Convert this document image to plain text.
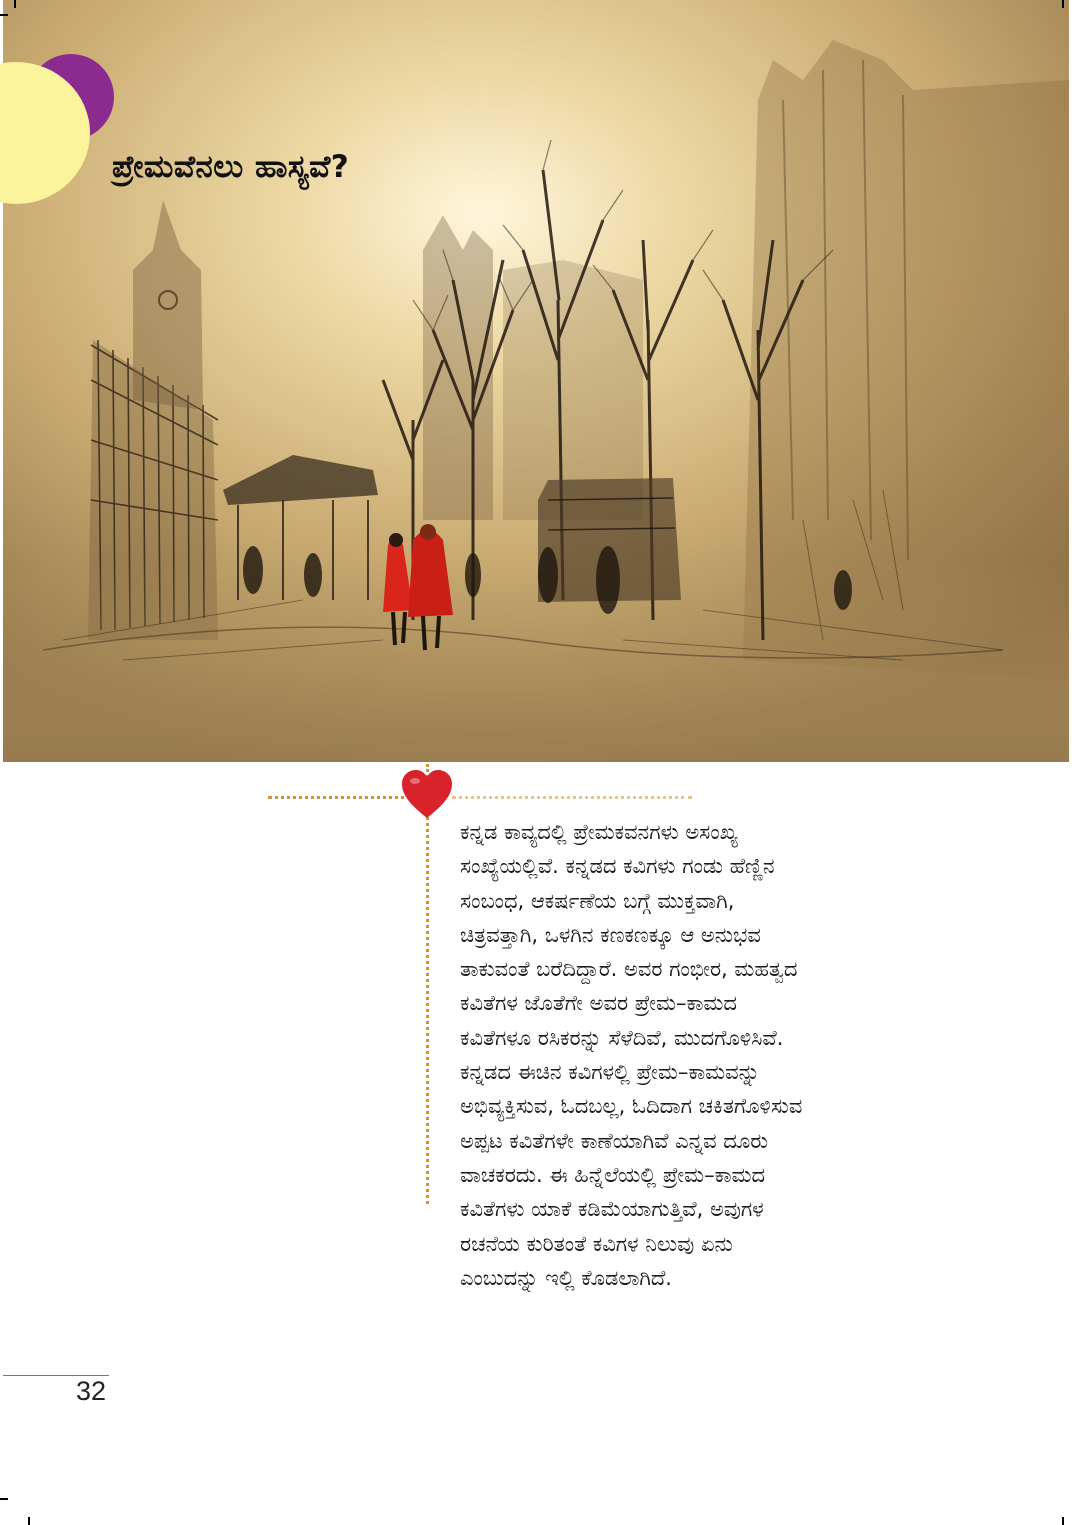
ಪ್ರೇಮವೆನಲು ಹಾಸ್ಯವೆ?
ಕನ್ನಡ ಕಾವ್ಯದಲ್ಲಿ ಪ್ರೇಮಕವನಗಳು ಅಸಂಖ್ಯ
ಸಂಖ್ಯೆಯಲ್ಲಿವೆ. ಕನ್ನಡದ ಕವಿಗಳು ಗಂಡು ಹೆಣ್ಣಿನ
ಸಂಬಂಧ, ಆಕರ್ಷಣೆಯ ಬಗ್ಗೆ ಮುಕ್ತವಾಗಿ,
ಚಿತ್ರವತ್ತಾಗಿ, ಒಳಗಿನ ಕಣಕಣಕ್ಕೂ ಆ ಅನುಭವ
ತಾಕುವಂತೆ ಬರೆದಿದ್ದಾರೆ. ಅವರ ಗಂಭೀರ, ಮಹತ್ವದ
ಕವಿತೆಗಳ ಜೊತೆಗೇ ಅವರ ಪ್ರೇಮ–ಕಾಮದ
ಕವಿತೆಗಳೂ ರಸಿಕರನ್ನು ಸೆಳೆದಿವೆ, ಮುದಗೊಳಿಸಿವೆ.
ಕನ್ನಡದ ಈಚಿನ ಕವಿಗಳಲ್ಲಿ ಪ್ರೇಮ–ಕಾಮವನ್ನು
ಅಭಿವ್ಯಕ್ತಿಸುವ, ಓದಬಲ್ಲ, ಓದಿದಾಗ ಚಕಿತಗೊಳಿಸುವ
ಅಪ್ಪಟ ಕವಿತೆಗಳೇ ಕಾಣೆಯಾಗಿವೆ ಎನ್ನವ ದೂರು
ವಾಚಕರದು. ಈ ಹಿನ್ನೆಲೆಯಲ್ಲಿ ಪ್ರೇಮ–ಕಾಮದ
ಕವಿತೆಗಳು ಯಾಕೆ ಕಡಿಮೆಯಾಗುತ್ತಿವೆ, ಅವುಗಳ
ರಚನೆಯ ಕುರಿತಂತೆ ಕವಿಗಳ ನಿಲುವು ಏನು
ಎಂಬುದನ್ನು ಇಲ್ಲಿ ಕೊಡಲಾಗಿದೆ.
32
